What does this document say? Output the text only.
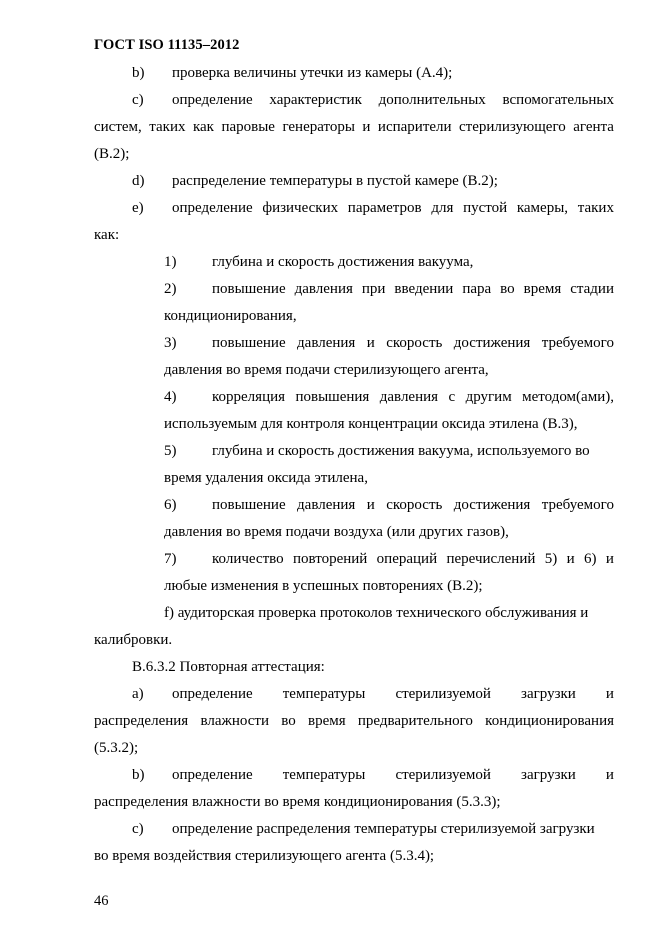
ГОСТ ISO 11135–2012
b) проверка величины утечки из камеры (А.4);
c) определение характеристик дополнительных вспомогательных
систем, таких как паровые генераторы и испарители стерилизующего агента
(В.2);
d) распределение температуры в пустой камере (В.2);
e) определение физических параметров для пустой камеры, таких
как:
1) глубина и скорость достижения вакуума,
2) повышение давления при введении пара во время стадии
кондиционирования,
3) повышение давления и скорость достижения требуемого
давления во время подачи стерилизующего агента,
4) корреляция повышения давления с другим методом(ами),
используемым для контроля концентрации оксида этилена (В.3),
5) глубина и скорость достижения вакуума, используемого во
время удаления оксида этилена,
6) повышение давления и скорость достижения требуемого
давления во время подачи воздуха (или других газов),
7) количество повторений операций перечислений 5) и 6) и
любые изменения в успешных повторениях (В.2);
f) аудиторская проверка протоколов технического обслуживания и
калибровки.
В.6.3.2 Повторная аттестация:
a) определение температуры стерилизуемой загрузки и
распределения влажности во время предварительного кондиционирования
(5.3.2);
b) определение температуры стерилизуемой загрузки и
распределения влажности во время кондиционирования (5.3.3);
c) определение распределения температуры стерилизуемой загрузки
во время воздействия стерилизующего агента (5.3.4);
46
